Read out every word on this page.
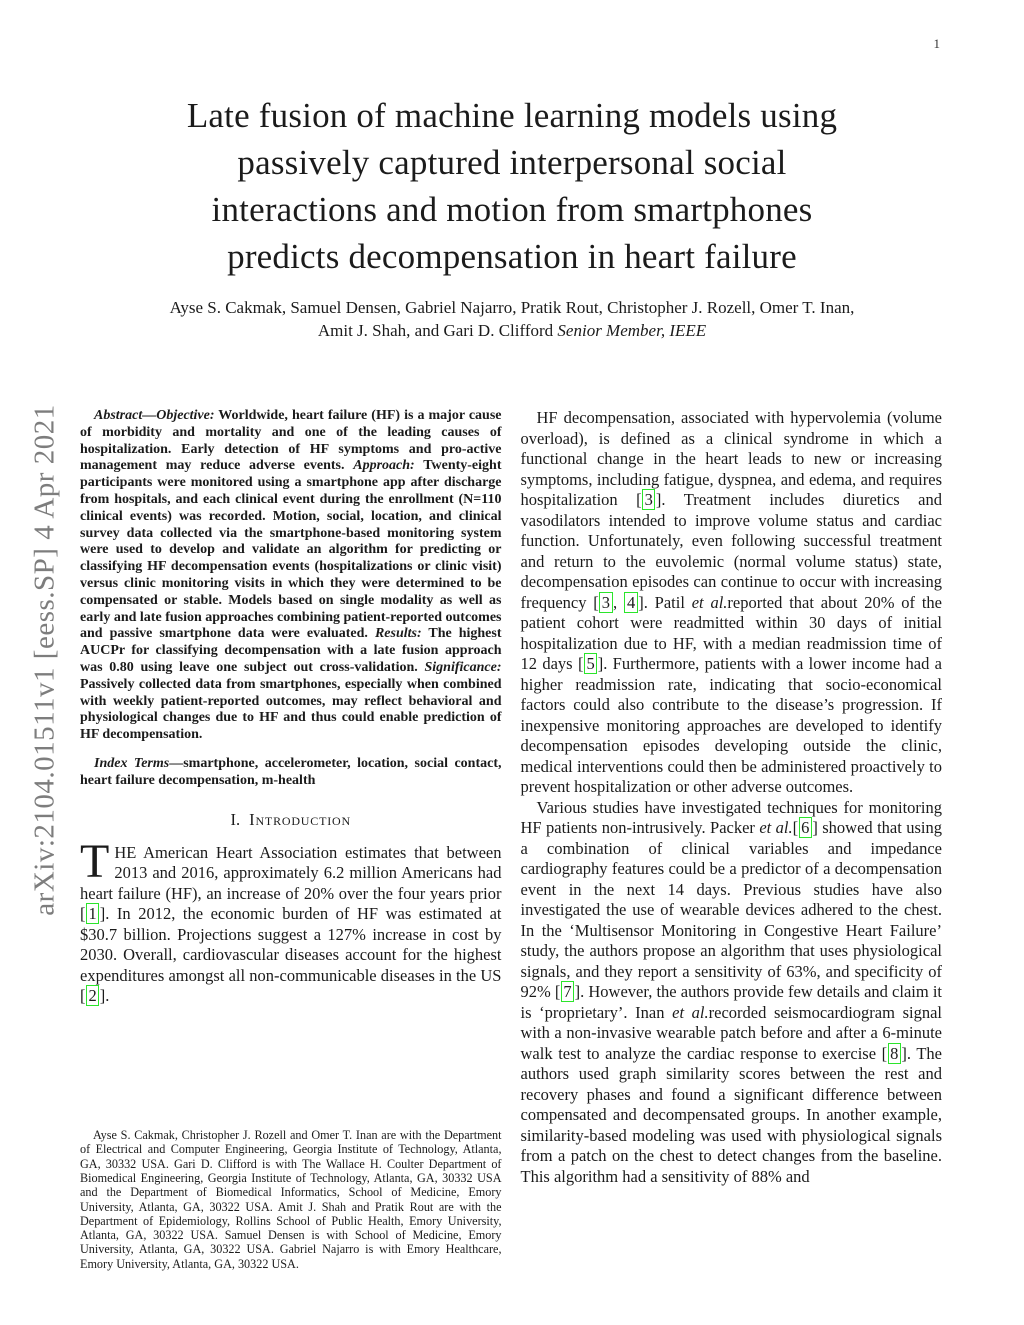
1
arXiv:2104.01511v1 [eess.SP] 4 Apr 2021
Late fusion of machine learning models using
passively captured interpersonal social
interactions and motion from smartphones
predicts decompensation in heart failure
Ayse S. Cakmak, Samuel Densen, Gabriel Najarro, Pratik Rout, Christopher J. Rozell, Omer T. Inan,
Amit J. Shah, and Gari D. Clifford Senior Member, IEEE

Abstract—Objective: Worldwide, heart failure (HF) is a major cause of morbidity and mortality and one of the leading causes of hospitalization. Early detection of HF symptoms and pro-active management may reduce adverse events. Approach: Twenty-eight participants were monitored using a smartphone app after discharge from hospitals, and each clinical event during the enrollment (N=110 clinical events) was recorded. Motion, social, location, and clinical survey data collected via the smartphone-based monitoring system were used to develop and validate an algorithm for predicting or classifying HF decompensation events (hospitalizations or clinic visit) versus clinic monitoring visits in which they were determined to be compensated or stable. Models based on single modality as well as early and late fusion approaches combining patient-reported outcomes and passive smartphone data were evaluated. Results: The highest AUCPr for classifying decompensation with a late fusion approach was 0.80 using leave one subject out cross-validation. Significance: Passively collected data from smartphones, especially when combined with weekly patient-reported outcomes, may reflect behavioral and physiological changes due to HF and thus could enable prediction of HF decompensation.

Index Terms—smartphone, accelerometer, location, social contact, heart failure decompensation, m-health

I. Introduction

THE American Heart Association estimates that between 2013 and 2016, approximately 6.2 million Americans had heart failure (HF), an increase of 20% over the four years prior [ 1 ]. In 2012, the economic burden of HF was estimated at $30.7 billion. Projections suggest a 127% increase in cost by 2030. Overall, cardiovascular diseases account for the highest expenditures amongst all non-communicable diseases in the US [ 2 ].

Ayse S. Cakmak, Christopher J. Rozell and Omer T. Inan are with the Department of Electrical and Computer Engineering, Georgia Institute of Technology, Atlanta, GA, 30332 USA. Gari D. Clifford is with The Wallace H. Coulter Department of Biomedical Engineering, Georgia Institute of Technology, Atlanta, GA, 30332 USA and the Department of Biomedical Informatics, School of Medicine, Emory University, Atlanta, GA, 30322 USA. Amit J. Shah and Pratik Rout are with the Department of Epidemiology, Rollins School of Public Health, Emory University, Atlanta, GA, 30322 USA. Samuel Densen is with School of Medicine, Emory University, Atlanta, GA, 30322 USA. Gabriel Najarro is with Emory Healthcare, Emory University, Atlanta, GA, 30322 USA.

HF decompensation, associated with hypervolemia (volume overload), is defined as a clinical syndrome in which a functional change in the heart leads to new or increasing symptoms, including fatigue, dyspnea, and edema, and requires hospitalization [ 3 ]. Treatment includes diuretics and vasodilators intended to improve volume status and cardiac function. Unfortunately, even following successful treatment and return to the euvolemic (normal volume status) state, decompensation episodes can continue to occur with increasing frequency [ 3 , 4 ]. Patil et al.reported that about 20% of the patient cohort were readmitted within 30 days of initial hospitalization due to HF, with a median readmission time of 12 days [ 5 ]. Furthermore, patients with a lower income had a higher readmission rate, indicating that socio-economical factors could also contribute to the disease’s progression. If inexpensive monitoring approaches are developed to identify decompensation episodes developing outside the clinic, medical interventions could then be administered proactively to prevent hospitalization or other adverse outcomes.

Various studies have investigated techniques for monitoring HF patients non-intrusively. Packer et al.[ 6 ] showed that using a combination of clinical variables and impedance cardiography features could be a predictor of a decompensation event in the next 14 days. Previous studies have also investigated the use of wearable devices adhered to the chest. In the ‘Multisensor Monitoring in Congestive Heart Failure’ study, the authors propose an algorithm that uses physiological signals, and they report a sensitivity of 63%, and specificity of 92% [ 7 ]. However, the authors provide few details and claim it is ‘proprietary’. Inan et al.recorded seismocardiogram signal with a non-invasive wearable patch before and after a 6-minute walk test to analyze the cardiac response to exercise [ 8 ]. The authors used graph similarity scores between the rest and recovery phases and found a significant difference between compensated and decompensated groups. In another example, similarity-based modeling was used with physiological signals from a patch on the chest to detect changes from the baseline. This algorithm had a sensitivity of 88% and
